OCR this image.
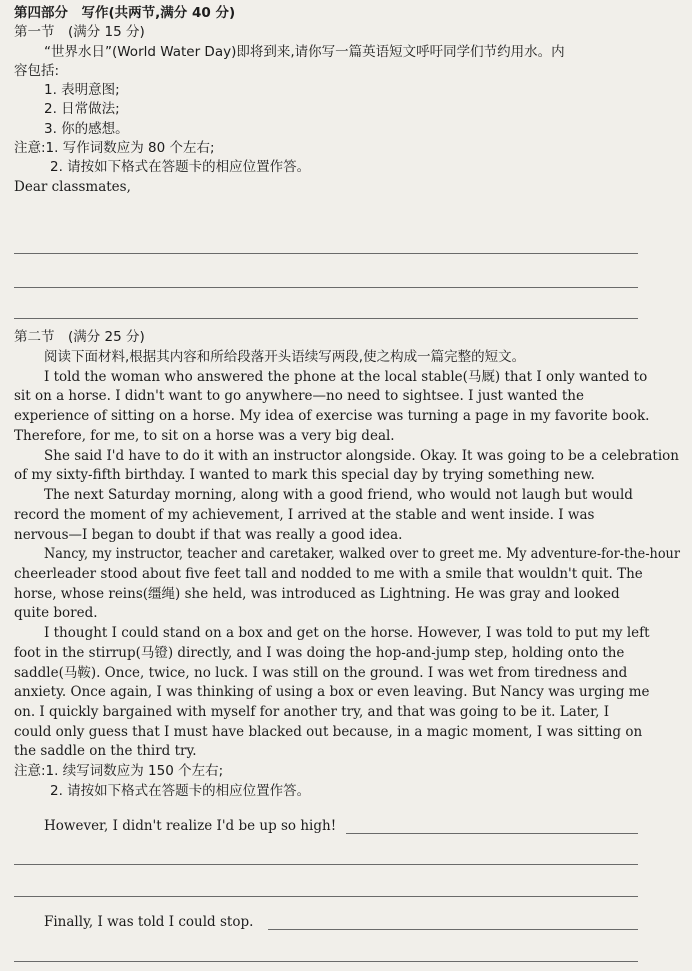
第四部分　写作(共两节,满分 40 分)
第一节　(满分 15 分)
“世界水日”(World Water Day)即将到来,请你写一篇英语短文呼吁同学们节约用水。内
容包括:
1. 表明意图;
2. 日常做法;
3. 你的感想。
注意:1. 写作词数应为 80 个左右;
2. 请按如下格式在答题卡的相应位置作答。
Dear classmates,
第二节　(满分 25 分)
阅读下面材料,根据其内容和所给段落开头语续写两段,使之构成一篇完整的短文。
I told the woman who answered the phone at the local stable(马厩) that I only wanted to
sit on a horse. I didn't want to go anywhere—no need to sightsee. I just wanted the
experience of sitting on a horse. My idea of exercise was turning a page in my favorite book.
Therefore, for me, to sit on a horse was a very big deal.
She said I'd have to do it with an instructor alongside. Okay. It was going to be a celebration
of my sixty-fifth birthday. I wanted to mark this special day by trying something new.
The next Saturday morning, along with a good friend, who would not laugh but would
record the moment of my achievement, I arrived at the stable and went inside. I was
nervous—I began to doubt if that was really a good idea.
Nancy, my instructor, teacher and caretaker, walked over to greet me. My adventure-for-the-hour
cheerleader stood about five feet tall and nodded to me with a smile that wouldn't quit. The
horse, whose reins(缰绳) she held, was introduced as Lightning. He was gray and looked
quite bored.
I thought I could stand on a box and get on the horse. However, I was told to put my left
foot in the stirrup(马镫) directly, and I was doing the hop-and-jump step, holding onto the
saddle(马鞍). Once, twice, no luck. I was still on the ground. I was wet from tiredness and
anxiety. Once again, I was thinking of using a box or even leaving. But Nancy was urging me
on. I quickly bargained with myself for another try, and that was going to be it. Later, I
could only guess that I must have blacked out because, in a magic moment, I was sitting on
the saddle on the third try.
注意:1. 续写词数应为 150 个左右;
2. 请按如下格式在答题卡的相应位置作答。
However, I didn't realize I'd be up so high!
Finally, I was told I could stop.
